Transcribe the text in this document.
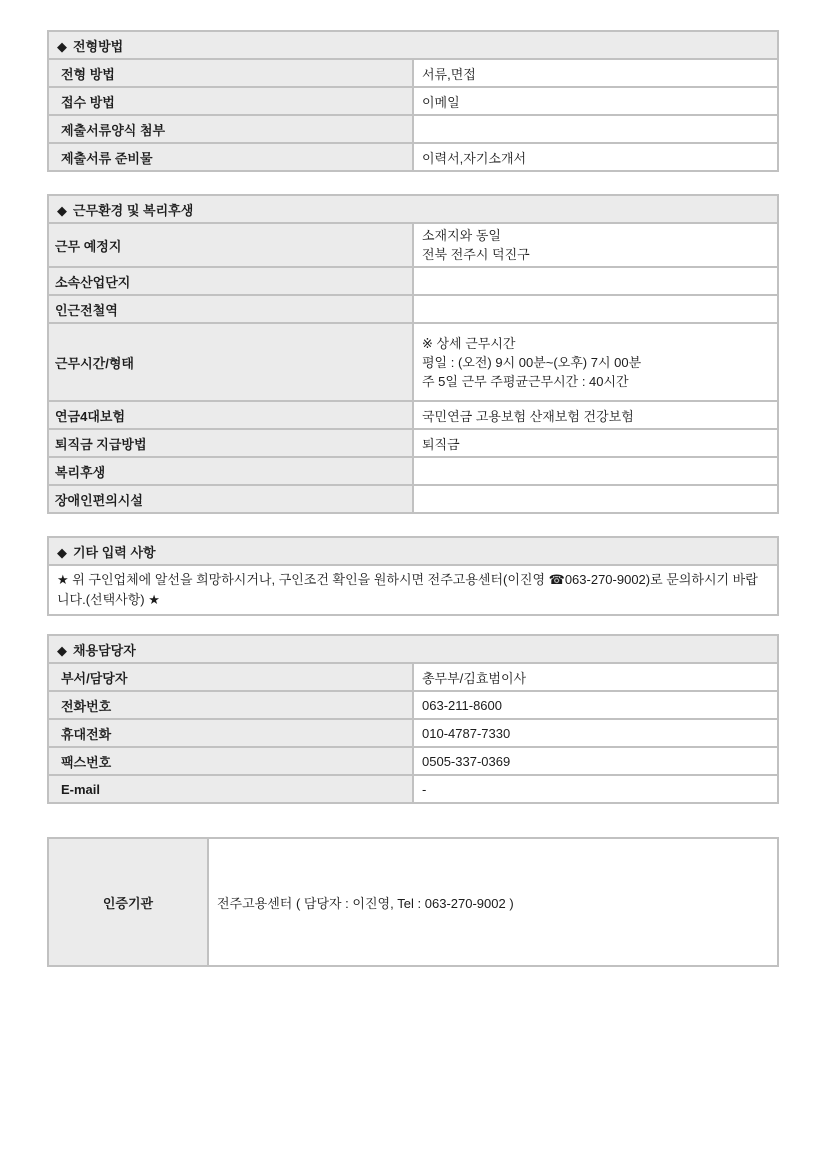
◆ 전형방법	
전형 방법	서류,면접
접수 방법	이메일
제출서류양식 첨부	
제출서류 준비물	이력서,자기소개서
◆ 근무환경 및 복리후생	
근무 예정지	소재지와 동일
전북 전주시 덕진구

소속산업단지	
인근전철역	
근무시간/형태	※ 상세 근무시간
평일 : (오전) 9시 00분~(오후) 7시 00분
주 5일 근무 주평균근무시간 : 40시간

연금4대보험	국민연금 고용보험 산재보험 건강보험
퇴직금 지급방법	퇴직금
복리후생	
장애인편의시설	
◆ 기타 입력 사항
★ 위 구인업체에 알선을 희망하시거나, 구인조건 확인을 원하시면 전주고용센터(이진영 ☎063-270-9002)로 문의하시기 바랍니다.(선택사항) ★
◆ 채용담당자	
부서/담당자	총무부/김효범이사
전화번호	063-211-8600
휴대전화	010-4787-7330
팩스번호	0505-337-0369
E-mail	-
인증기관	전주고용센터 ( 담당자 : 이진영, Tel : 063-270-9002 )
